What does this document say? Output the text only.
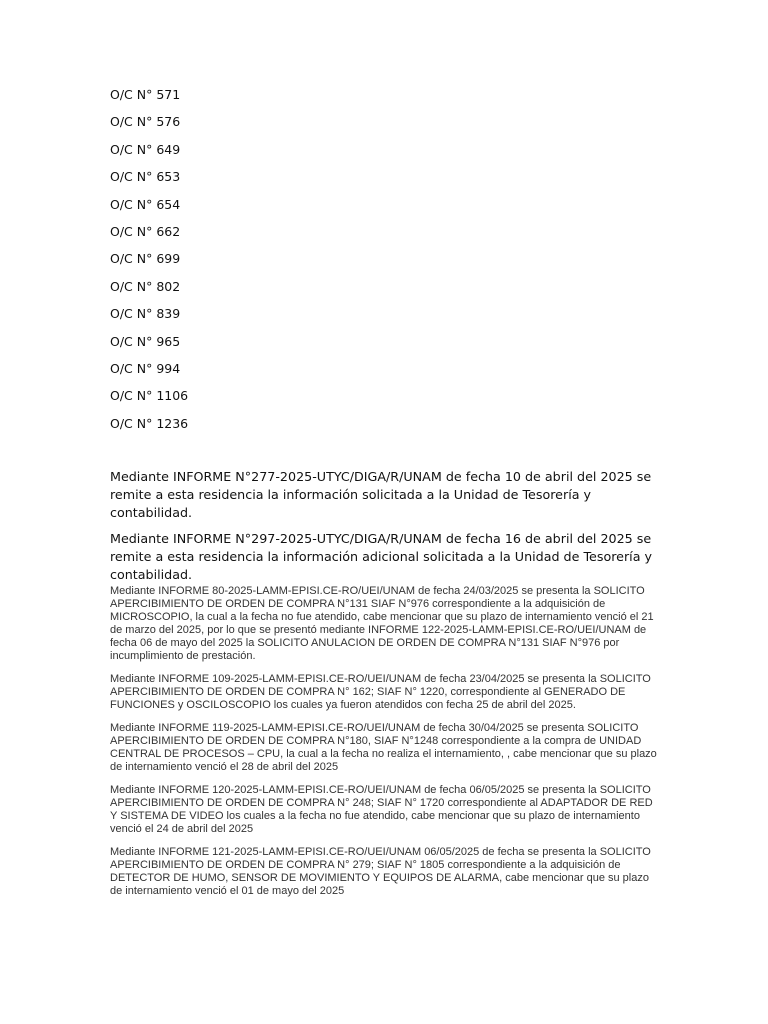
O/C N° 571
O/C N° 576
O/C N° 649
O/C N° 653
O/C N° 654
O/C N° 662
O/C N° 699
O/C N° 802
O/C N° 839
O/C N° 965
O/C N° 994
O/C N° 1106
O/C N° 1236

Mediante INFORME N°277-2025-UTYC/DIGA/R/UNAM de fecha 10 de abril del 2025 se remite a esta residencia la información solicitada a la Unidad de Tesorería y contabilidad.

Mediante INFORME N°297-2025-UTYC/DIGA/R/UNAM de fecha 16 de abril del 2025 se remite a esta residencia la información adicional solicitada a la Unidad de Tesorería y contabilidad.

Mediante INFORME 80-2025-LAMM-EPISI.CE-RO/UEI/UNAM de fecha 24/03/2025 se presenta la SOLICITO APERCIBIMIENTO DE ORDEN DE COMPRA N°131 SIAF N°976 correspondiente a la adquisición de MICROSCOPIO, la cual a la fecha no fue atendido, cabe mencionar que su plazo de internamiento venció el 21 de marzo del 2025, por lo que se presentó mediante INFORME 122-2025-LAMM-EPISI.CE-RO/UEI/UNAM de fecha 06 de mayo del 2025 la SOLICITO ANULACION DE ORDEN DE COMPRA N°131 SIAF N°976 por incumplimiento de prestación.

Mediante INFORME 109-2025-LAMM-EPISI.CE-RO/UEI/UNAM de fecha 23/04/2025 se presenta la SOLICITO APERCIBIMIENTO DE ORDEN DE COMPRA N° 162; SIAF N° 1220, correspondiente al GENERADO DE FUNCIONES y OSCILOSCOPIO los cuales ya fueron atendidos con fecha 25 de abril del 2025.

Mediante INFORME 119-2025-LAMM-EPISI.CE-RO/UEI/UNAM de fecha 30/04/2025 se presenta SOLICITO APERCIBIMIENTO DE ORDEN DE COMPRA N°180, SIAF N°1248 correspondiente a la compra de UNIDAD CENTRAL DE PROCESOS – CPU, la cual a la fecha no realiza el internamiento, , cabe mencionar que su plazo de internamiento venció el 28 de abril del 2025

Mediante INFORME 120-2025-LAMM-EPISI.CE-RO/UEI/UNAM de fecha 06/05/2025 se presenta la SOLICITO APERCIBIMIENTO DE ORDEN DE COMPRA N° 248; SIAF N° 1720 correspondiente al ADAPTADOR DE RED Y SISTEMA DE VIDEO los cuales a la fecha no fue atendido, cabe mencionar que su plazo de internamiento venció el 24 de abril del 2025

Mediante INFORME 121-2025-LAMM-EPISI.CE-RO/UEI/UNAM 06/05/2025 de fecha se presenta la SOLICITO APERCIBIMIENTO DE ORDEN DE COMPRA N° 279; SIAF N° 1805 correspondiente a la adquisición de DETECTOR DE HUMO, SENSOR DE MOVIMIENTO Y EQUIPOS DE ALARMA, cabe mencionar que su plazo de internamiento venció el 01 de mayo del 2025
